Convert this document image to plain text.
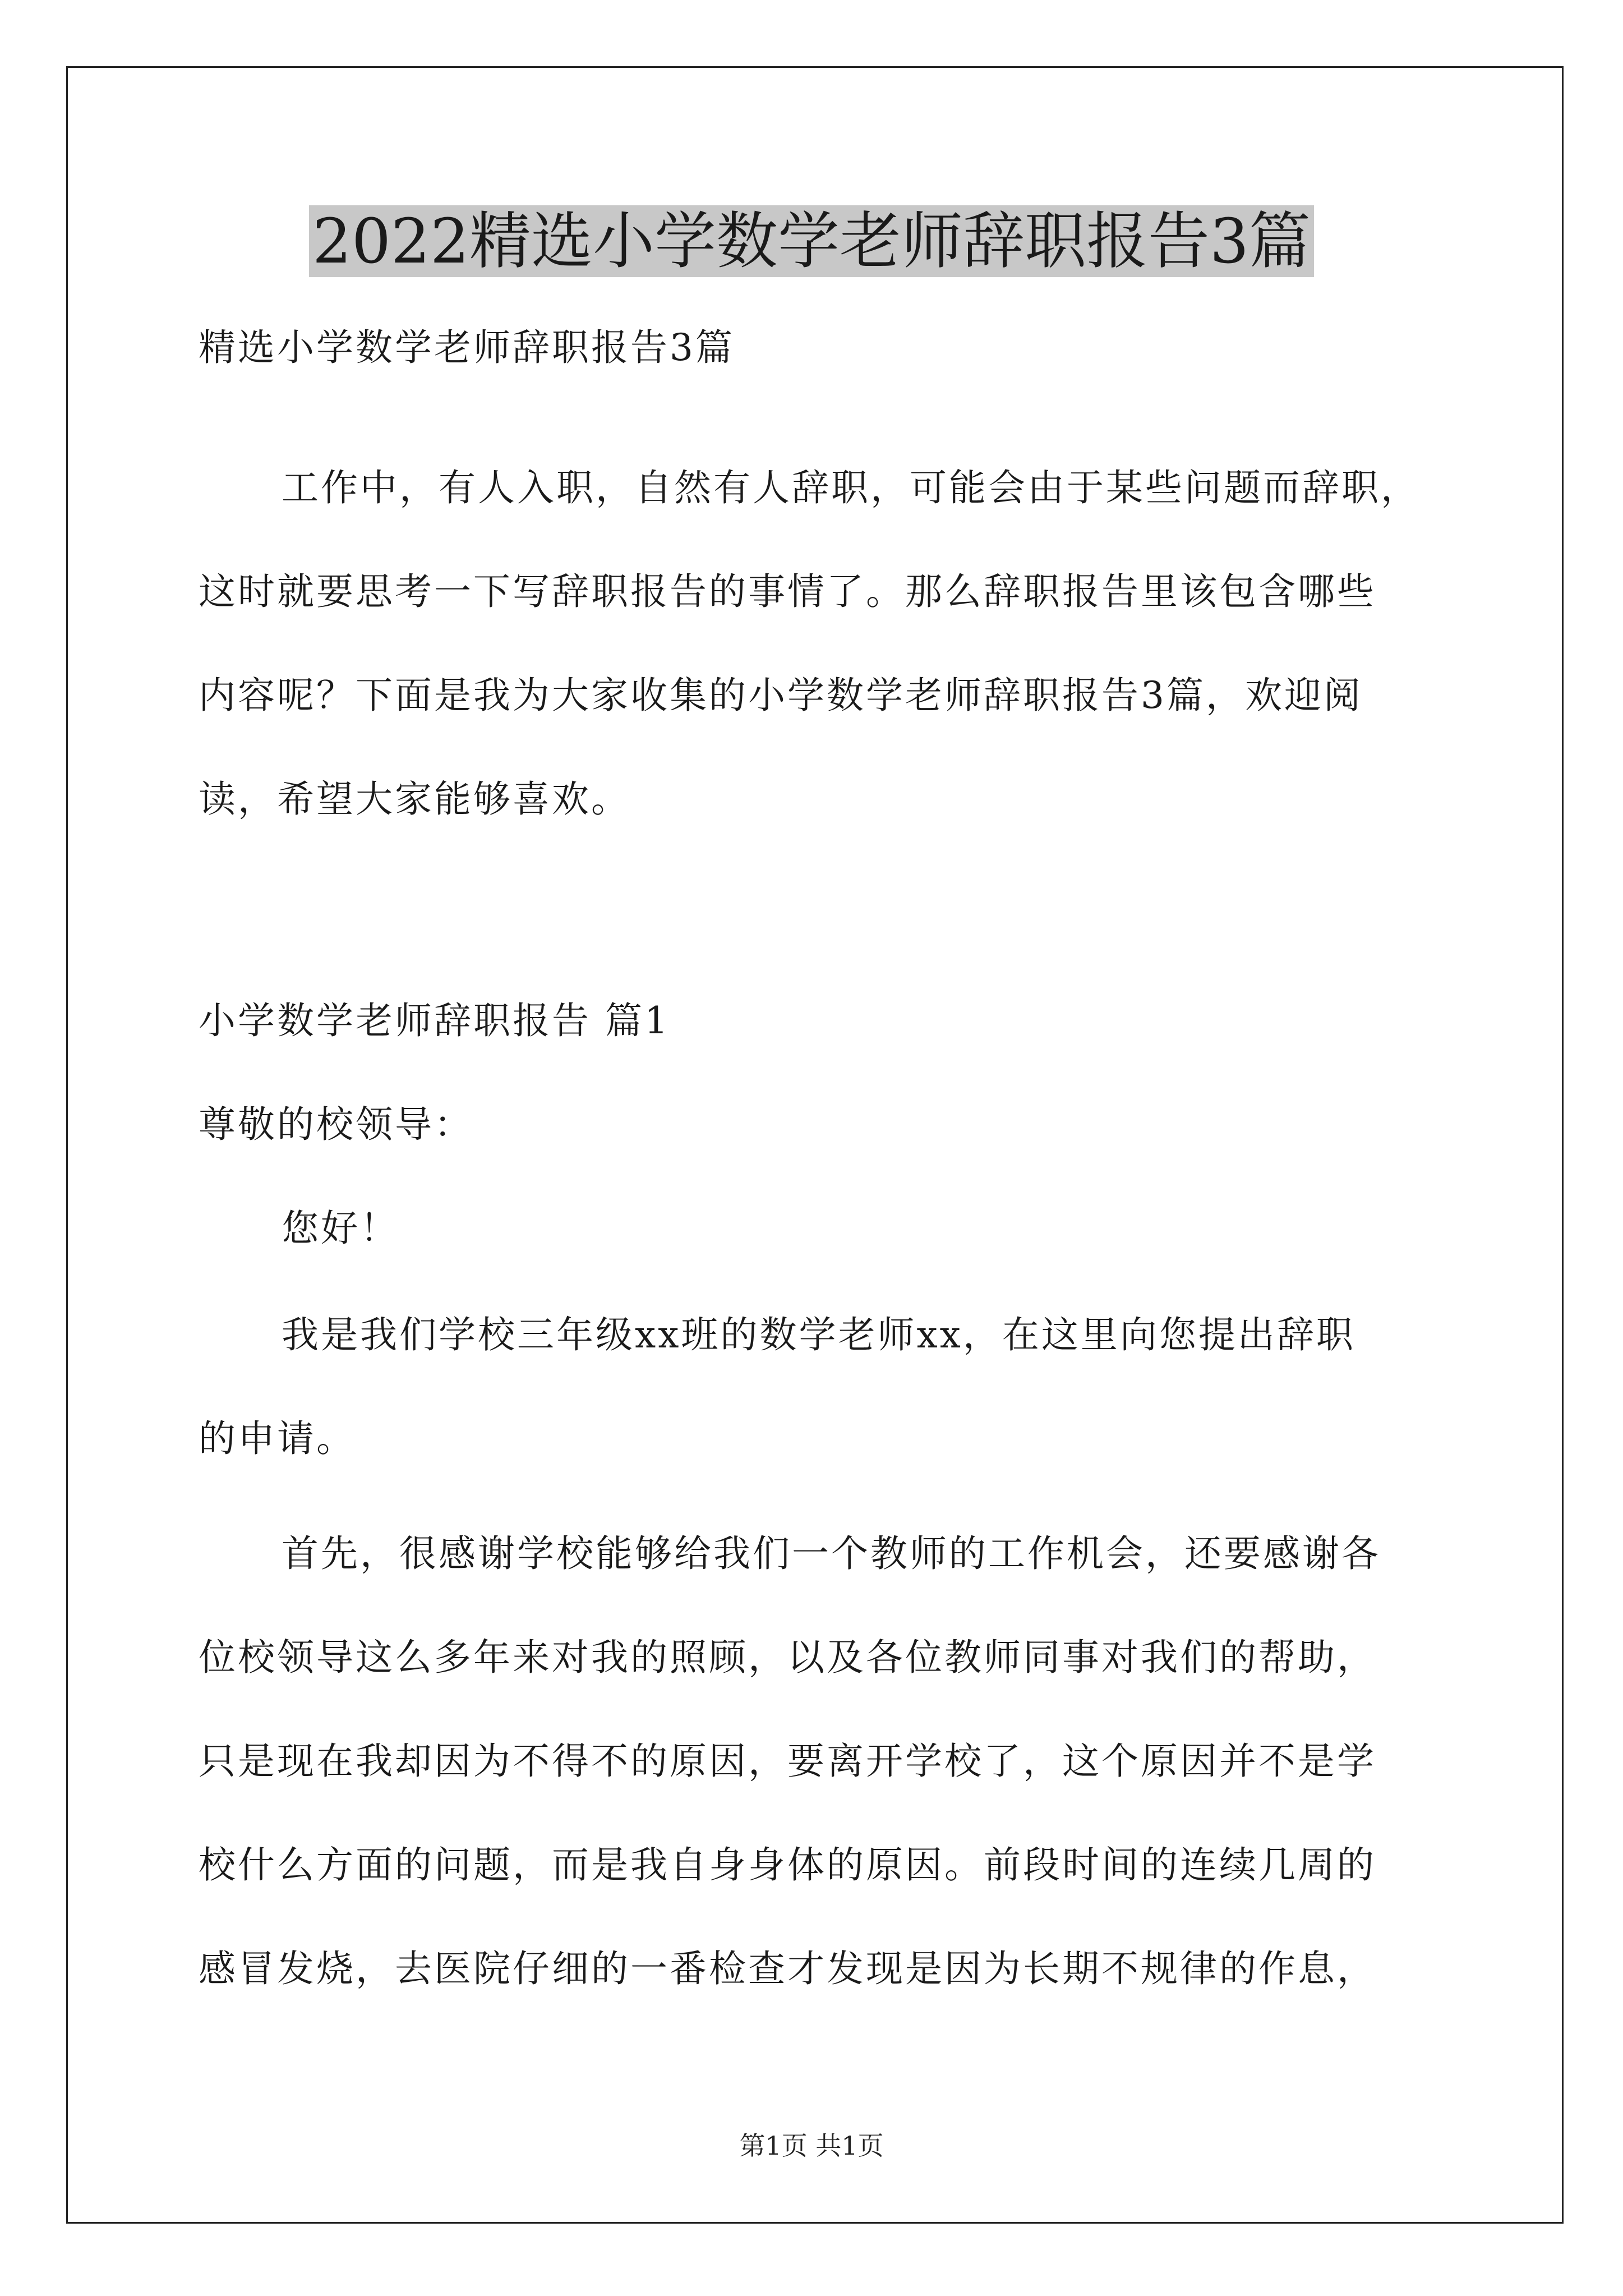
2022精选小学数学老师辞职报告3篇
精选小学数学老师辞职报告3篇
工作中，有人入职，自然有人辞职，可能会由于某些问题而辞职，
这时就要思考一下写辞职报告的事情了。那么辞职报告里该包含哪些
内容呢？下面是我为大家收集的小学数学老师辞职报告3篇，欢迎阅
读，希望大家能够喜欢。
小学数学老师辞职报告 篇1
尊敬的校领导：
您好！
我是我们学校三年级xx班的数学老师xx，在这里向您提出辞职
的申请。
首先，很感谢学校能够给我们一个教师的工作机会，还要感谢各
位校领导这么多年来对我的照顾，以及各位教师同事对我们的帮助，
只是现在我却因为不得不的原因，要离开学校了，这个原因并不是学
校什么方面的问题，而是我自身身体的原因。前段时间的连续几周的
感冒发烧，去医院仔细的一番检查才发现是因为长期不规律的作息，
第1页 共1页
